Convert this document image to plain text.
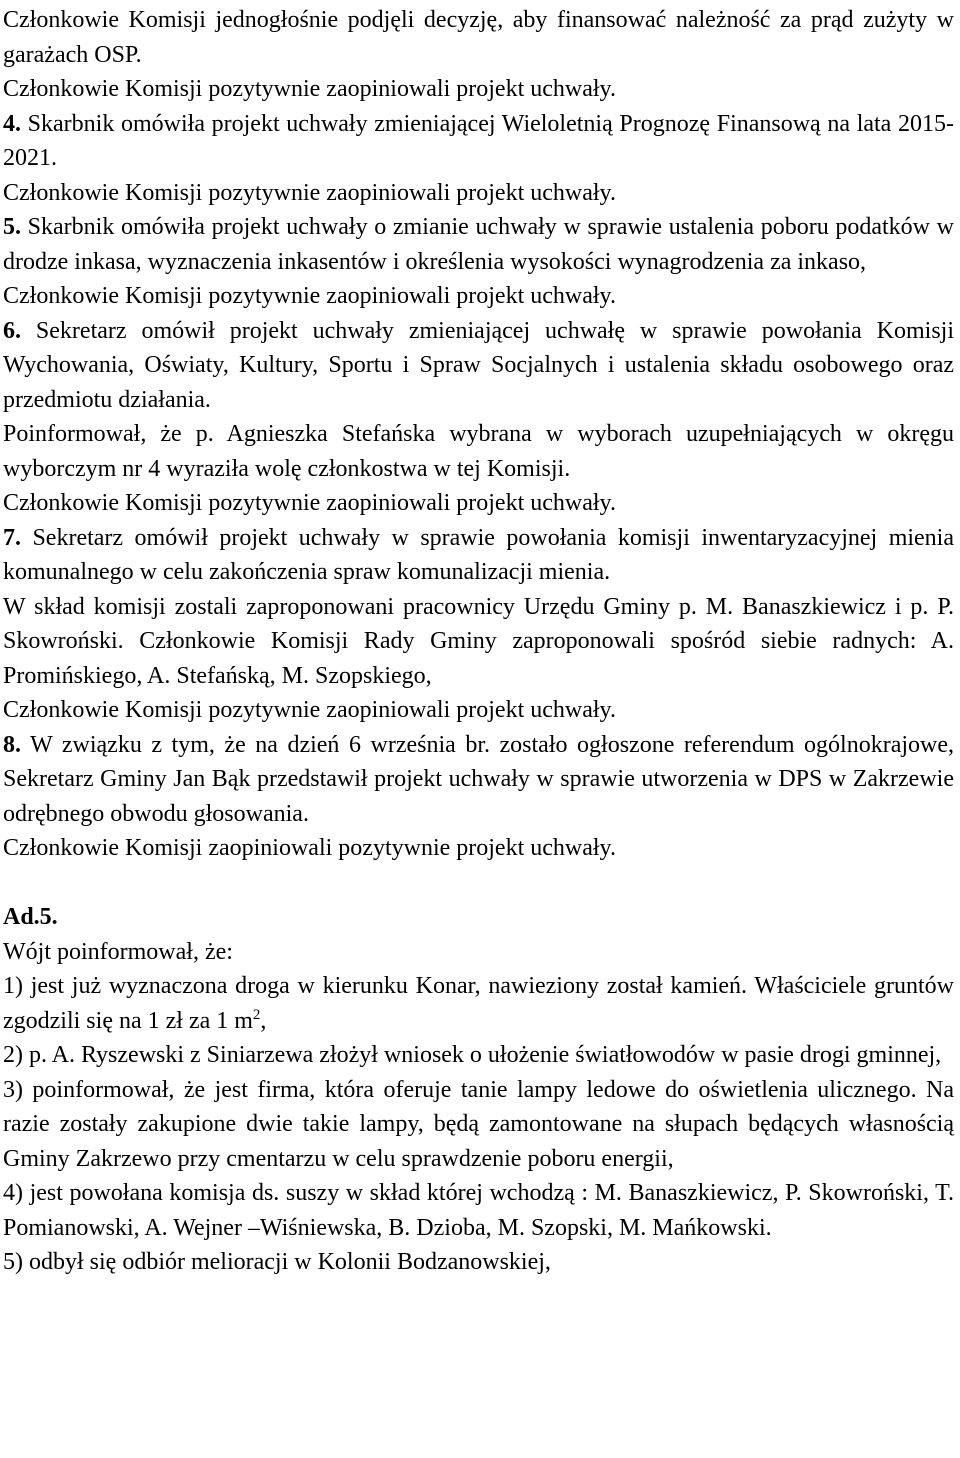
Członkowie Komisji jednogłośnie podjęli decyzję, aby finansować należność za prąd zużyty w garażach OSP.

Członkowie Komisji pozytywnie zaopiniowali projekt uchwały.

4. Skarbnik omówiła projekt uchwały zmieniającej Wieloletnią Prognozę Finansową na lata 2015-2021.

Członkowie Komisji pozytywnie zaopiniowali projekt uchwały.

5. Skarbnik omówiła projekt uchwały o zmianie uchwały w sprawie ustalenia poboru podatków w drodze inkasa, wyznaczenia inkasentów i określenia wysokości wynagrodzenia za inkaso,

Członkowie Komisji pozytywnie zaopiniowali projekt uchwały.

6. Sekretarz omówił projekt uchwały zmieniającej uchwałę w sprawie powołania Komisji Wychowania, Oświaty, Kultury, Sportu i Spraw Socjalnych i ustalenia składu osobowego oraz przedmiotu działania.

Poinformował, że p. Agnieszka Stefańska wybrana w wyborach uzupełniających w okręgu wyborczym nr 4 wyraziła wolę członkostwa w tej Komisji.

Członkowie Komisji pozytywnie zaopiniowali projekt uchwały.

7. Sekretarz omówił projekt uchwały w sprawie powołania komisji inwentaryzacyjnej mienia komunalnego w celu zakończenia spraw komunalizacji mienia.

W skład komisji zostali zaproponowani pracownicy Urzędu Gminy p. M. Banaszkiewicz i p. P. Skowroński. Członkowie Komisji Rady Gminy zaproponowali spośród siebie radnych: A. Promińskiego, A. Stefańską, M. Szopskiego,

Członkowie Komisji pozytywnie zaopiniowali projekt uchwały.

8. W związku z tym, że na dzień 6 września br. zostało ogłoszone referendum ogólnokrajowe, Sekretarz Gminy Jan Bąk przedstawił projekt uchwały w sprawie utworzenia w DPS w Zakrzewie odrębnego obwodu głosowania.

Członkowie Komisji zaopiniowali pozytywnie projekt uchwały.

Ad.5.

Wójt poinformował, że:

1) jest już wyznaczona droga w kierunku Konar, nawieziony został kamień. Właściciele gruntów zgodzili się na 1 zł za 1 $m^2$,

2) p. A. Ryszewski z Siniarzewa złożył wniosek o ułożenie światłowodów w pasie drogi gminnej,

3) poinformował, że jest firma, która oferuje tanie lampy ledowe do oświetlenia ulicznego. Na razie zostały zakupione dwie takie lampy, będą zamontowane na słupach będących własnością Gminy Zakrzewo przy cmentarzu w celu sprawdzenie poboru energii,

4) jest powołana komisja ds. suszy w skład której wchodzą : M. Banaszkiewicz, P. Skowroński, T. Pomianowski, A. Wejner –Wiśniewska, B. Dzioba, M. Szopski, M. Mańkowski.

5) odbył się odbiór melioracji w Kolonii Bodzanowskiej,
